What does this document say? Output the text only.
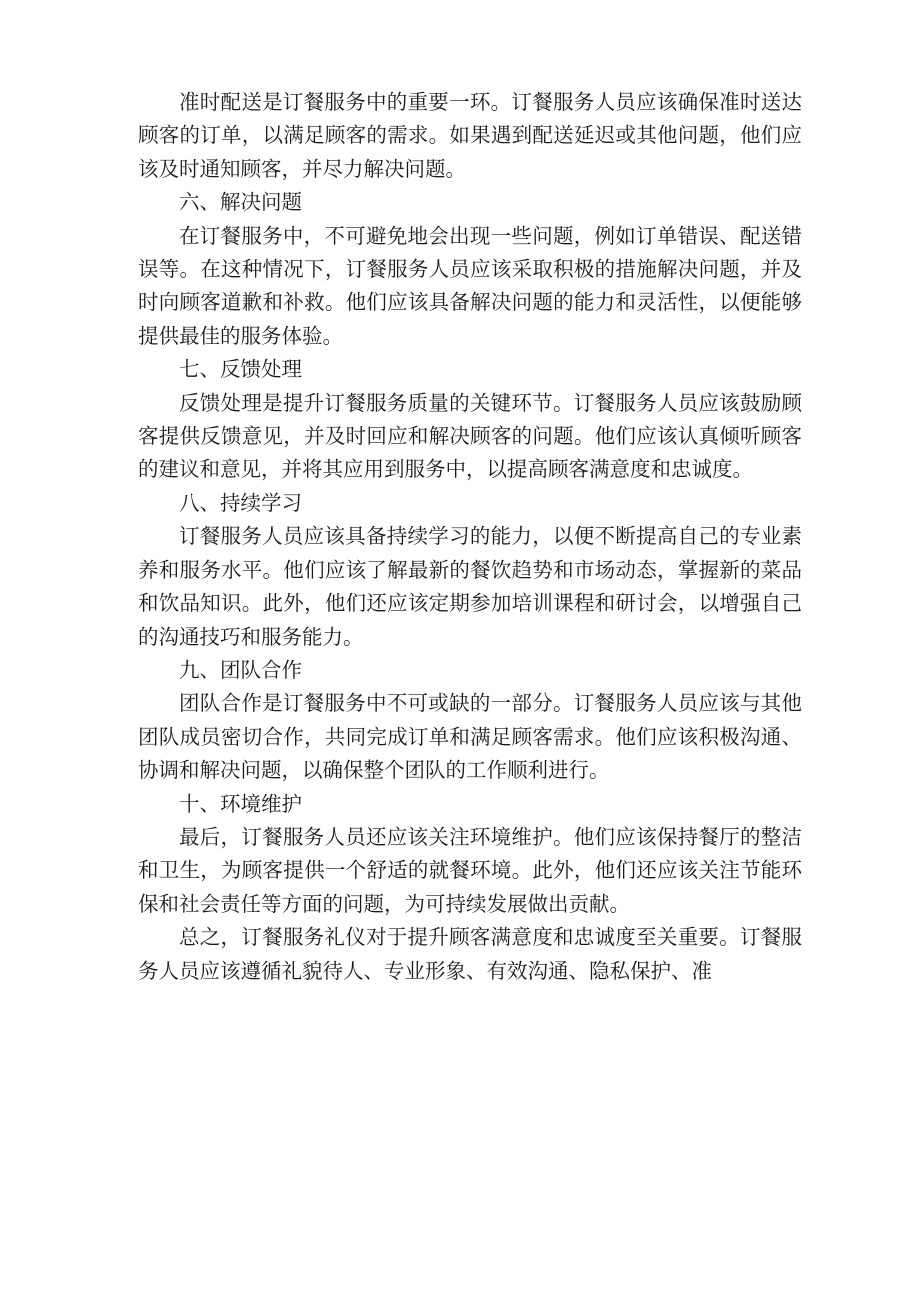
准时配送是订餐服务中的重要一环。订餐服务人员应该确保准时送达顾客的订单，以满足顾客的需求。如果遇到配送延迟或其他问题，他们应该及时通知顾客，并尽力解决问题。

六、解决问题

在订餐服务中，不可避免地会出现一些问题，例如订单错误、配送错误等。在这种情况下，订餐服务人员应该采取积极的措施解决问题，并及时向顾客道歉和补救。他们应该具备解决问题的能力和灵活性，以便能够提供最佳的服务体验。

七、反馈处理

反馈处理是提升订餐服务质量的关键环节。订餐服务人员应该鼓励顾客提供反馈意见，并及时回应和解决顾客的问题。他们应该认真倾听顾客的建议和意见，并将其应用到服务中，以提高顾客满意度和忠诚度。

八、持续学习

订餐服务人员应该具备持续学习的能力，以便不断提高自己的专业素养和服务水平。他们应该了解最新的餐饮趋势和市场动态，掌握新的菜品和饮品知识。此外，他们还应该定期参加培训课程和研讨会，以增强自己的沟通技巧和服务能力。

九、团队合作

团队合作是订餐服务中不可或缺的一部分。订餐服务人员应该与其他团队成员密切合作，共同完成订单和满足顾客需求。他们应该积极沟通、协调和解决问题，以确保整个团队的工作顺利进行。

十、环境维护

最后，订餐服务人员还应该关注环境维护。他们应该保持餐厅的整洁和卫生，为顾客提供一个舒适的就餐环境。此外，他们还应该关注节能环保和社会责任等方面的问题，为可持续发展做出贡献。

总之，订餐服务礼仪对于提升顾客满意度和忠诚度至关重要。订餐服务人员应该遵循礼貌待人、专业形象、有效沟通、隐私保护、准
